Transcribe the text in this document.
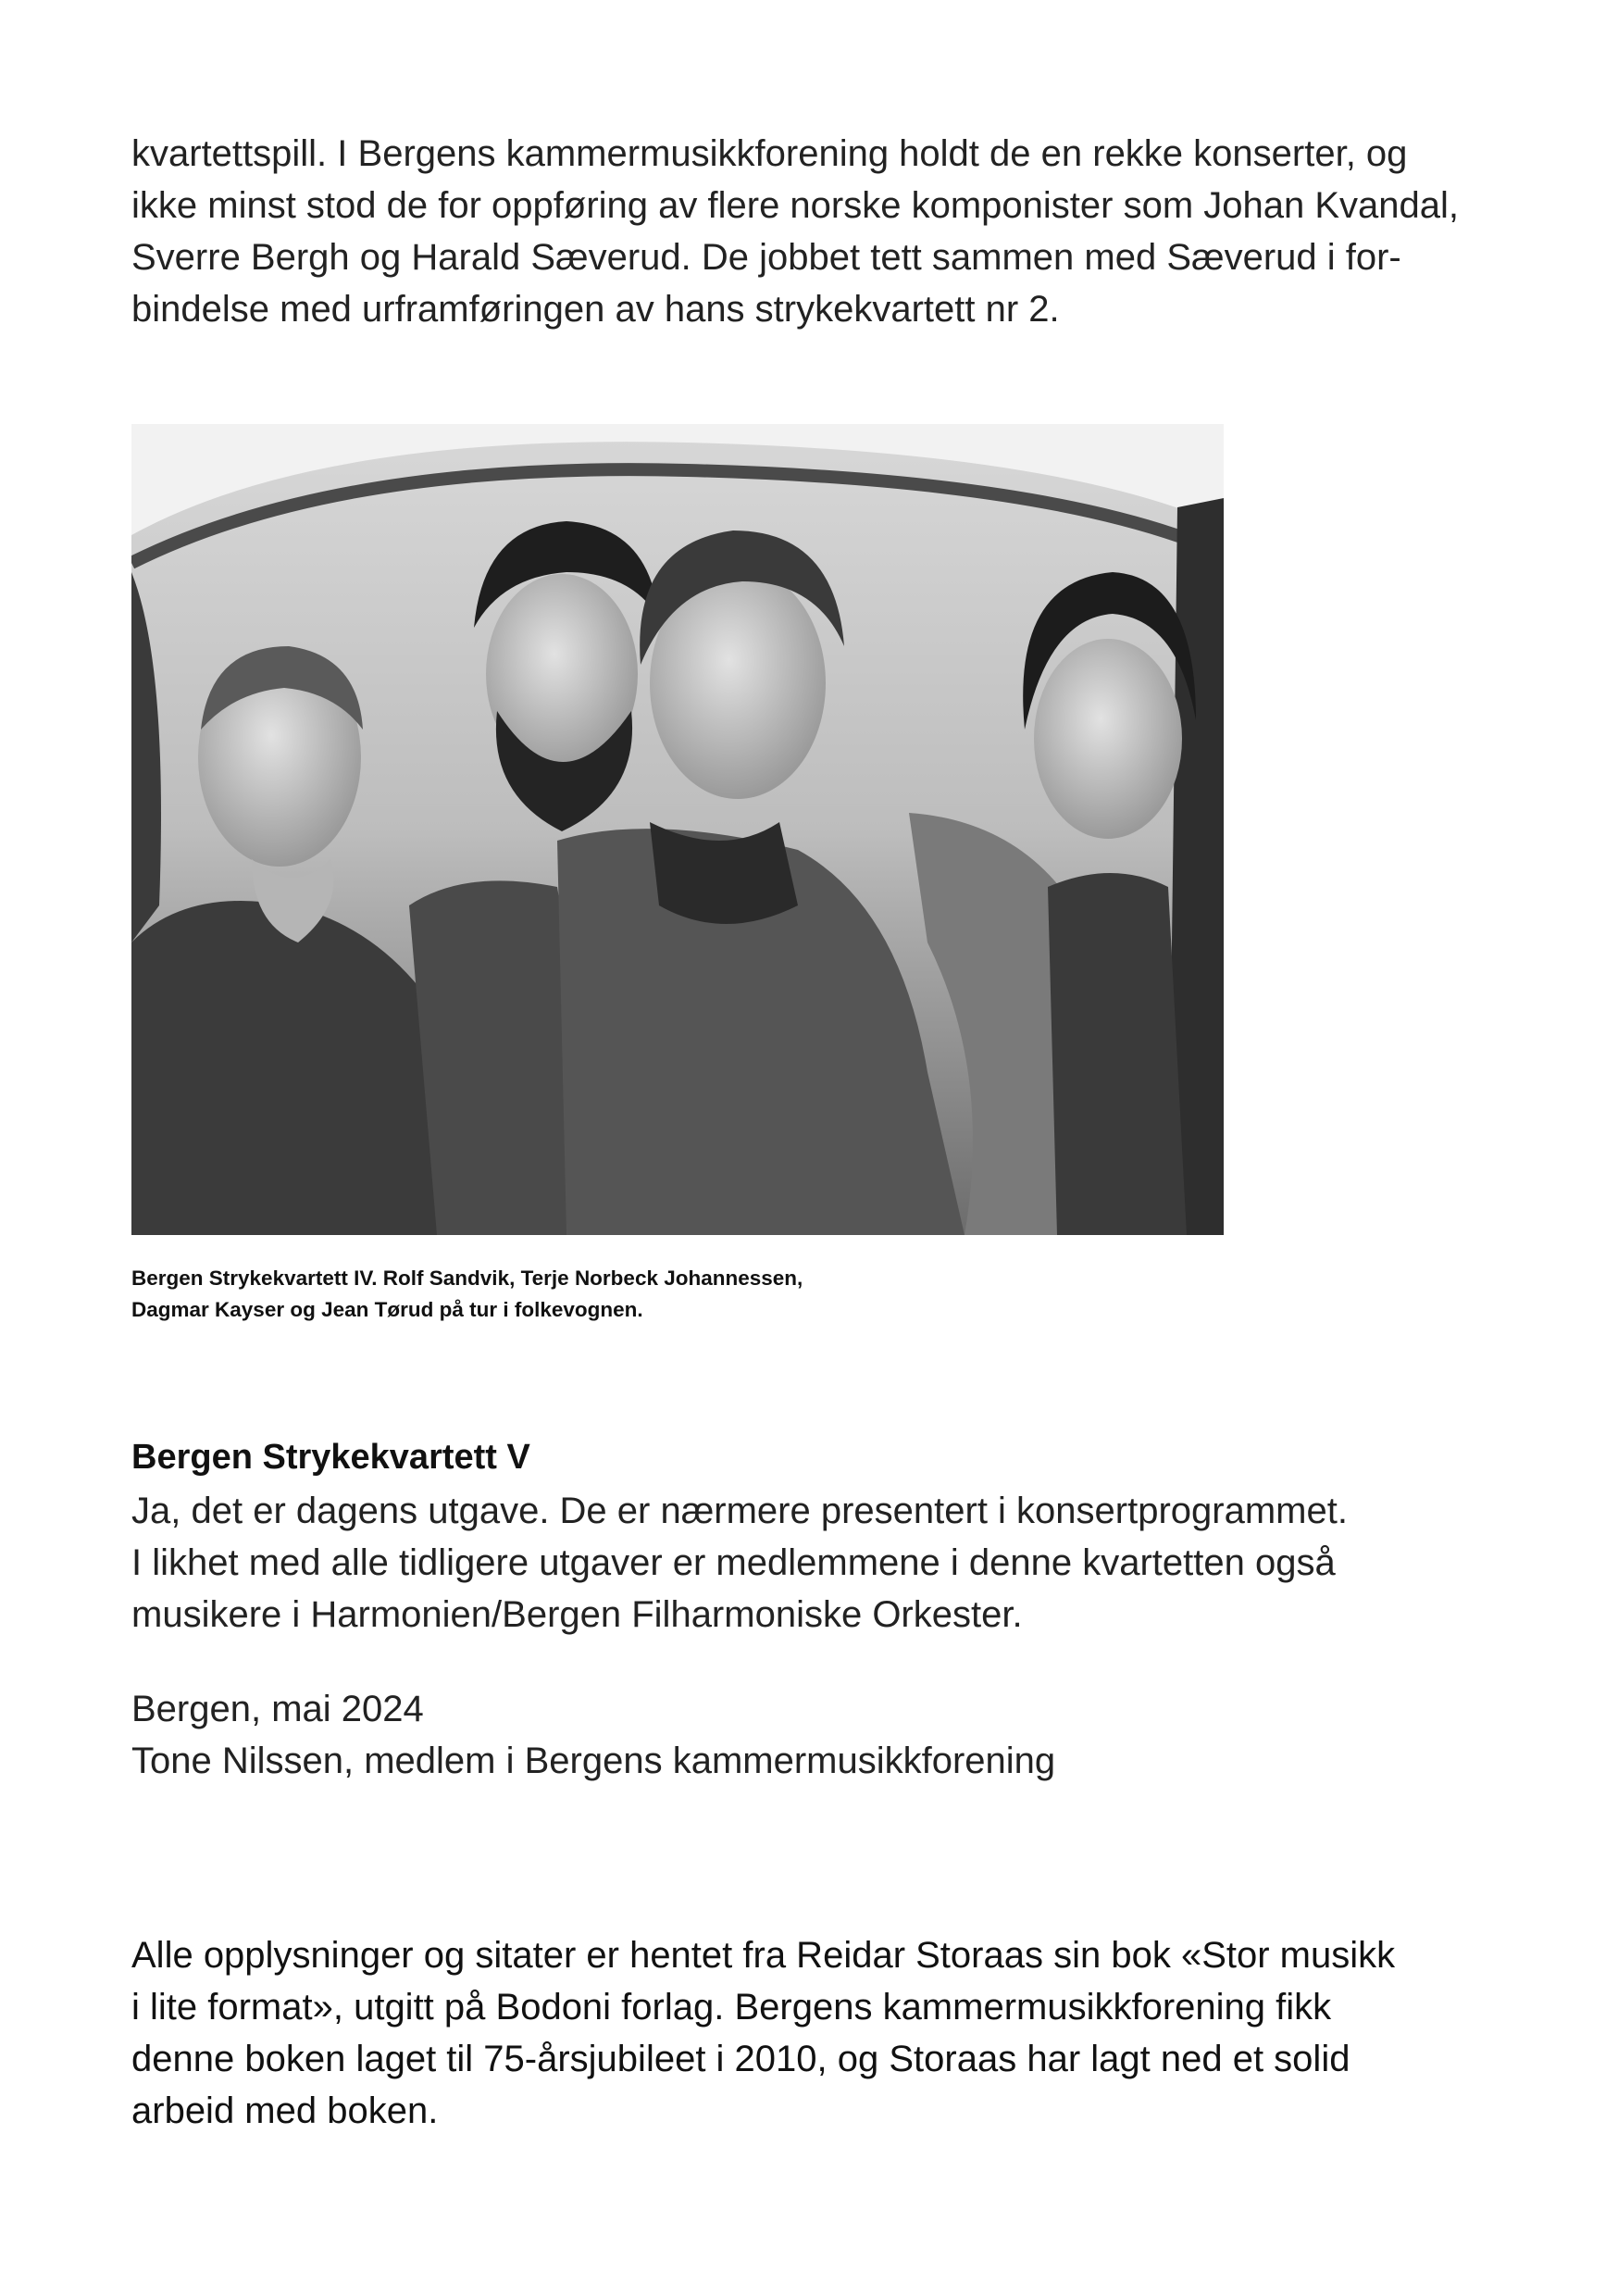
kvartettspill. I Bergens kammermusikkforening holdt de en rekke konserter, og
ikke minst stod de for oppføring av flere norske komponister som Johan Kvandal,
Sverre Bergh og Harald Sæverud. De jobbet tett sammen med Sæverud i for-
bindelse med urframføringen av hans strykekvartett nr 2.
Bergen Strykekvartett IV. Rolf Sandvik, Terje Norbeck Johannessen,
Dagmar Kayser og Jean Tørud på tur i folkevognen.
Bergen Strykekvartett V
Ja, det er dagens utgave. De er nærmere presentert i konsertprogrammet.
I likhet med alle tidligere utgaver er medlemmene i denne kvartetten også
musikere i Harmonien/Bergen Filharmoniske Orkester.
Bergen, mai 2024
Tone Nilssen, medlem i Bergens kammermusikkforening
Alle opplysninger og sitater er hentet fra Reidar Storaas sin bok «Stor musikk
i lite format», utgitt på Bodoni forlag. Bergens kammermusikkforening fikk
denne boken laget til 75-årsjubileet i 2010, og Storaas har lagt ned et solid
arbeid med boken.
